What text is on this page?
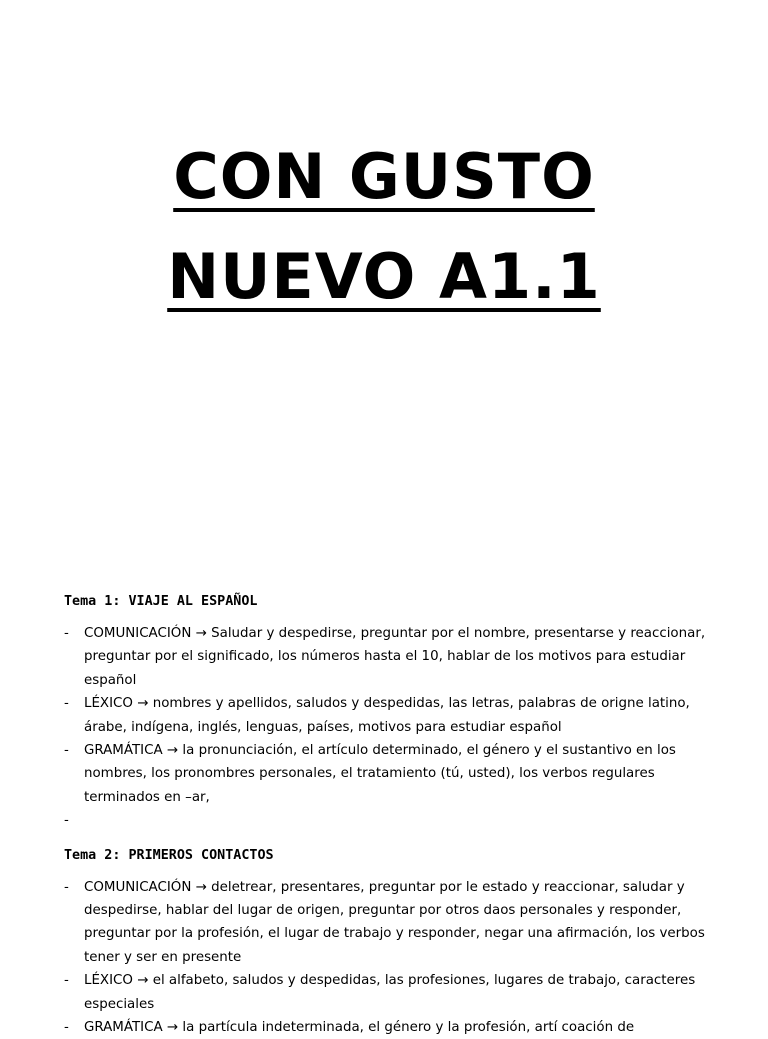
CON GUSTO
NUEVO A1.1
Tema 1: VIAJE AL ESPAÑOL
- COMUNICACIÓN → Saludar y despedirse, preguntar por el nombre, presentarse y reaccionar, preguntar por el significado, los números hasta el 10, hablar de los motivos para estudiar español
- LÉXICO → nombres y apellidos, saludos y despedidas, las letras, palabras de origne latino, árabe, indígena, inglés, lenguas, países, motivos para estudiar español
- GRAMÁTICA → la pronunciación, el artículo determinado, el género y el sustantivo en los nombres, los pronombres personales, el tratamiento (tú, usted), los verbos regulares terminados en –ar,
-
Tema 2: PRIMEROS CONTACTOS
- COMUNICACIÓN → deletrear, presentares, preguntar por le estado y reaccionar, saludar y despedirse, hablar del lugar de origen, preguntar por otros daos personales y responder, preguntar por la profesión, el lugar de trabajo y responder, negar una afirmación, los verbos tener y ser en presente
- LÉXICO → el alfabeto, saludos y despedidas, las profesiones, lugares de trabajo, caracteres especiales
- GRAMÁTICA → la partícula indeterminada, el género y la profesión, artí coación de
